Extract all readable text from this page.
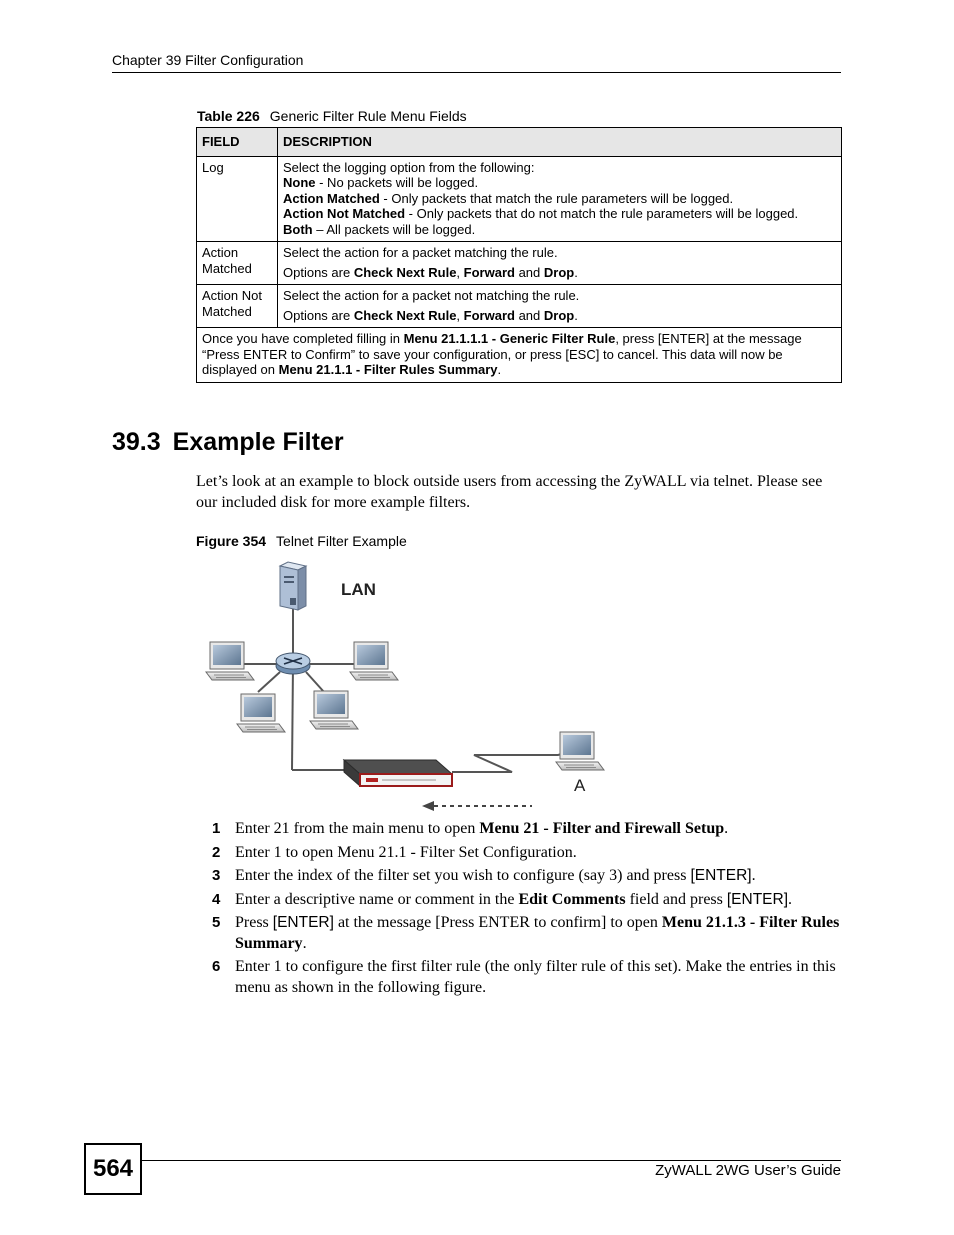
Chapter 39 Filter Configuration
Table 226 Generic Filter Rule Menu Fields
FIELD	DESCRIPTION
Log	Select the logging option from the following:

None - No packets will be logged.

Action Matched - Only packets that match the rule parameters will be logged.

Action Not Matched - Only packets that do not match the rule parameters will be logged.

Both – All packets will be logged.

Action Matched	Select the action for a packet matching the rule.

Options are Check Next Rule, Forward and Drop.

Action Not Matched	Select the action for a packet not matching the rule.

Options are Check Next Rule, Forward and Drop.

Once you have completed filling in Menu 21.1.1.1 - Generic Filter Rule, press [ENTER] at the message “Press ENTER to Confirm” to save your configuration, or press [ESC] to cancel. This data will now be displayed on Menu 21.1.1 - Filter Rules Summary.	
39.3 Example Filter

Let’s look at an example to block outside users from accessing the ZyWALL via telnet. Please see our included disk for more example filters.

Figure 354 Telnet Filter Example
LAN
A
1 Enter 21 from the main menu to open Menu 21 - Filter and Firewall Setup.
2 Enter 1 to open Menu 21.1 - Filter Set Configuration.
3 Enter the index of the filter set you wish to configure (say 3) and press [ENTER].
4 Enter a descriptive name or comment in the Edit Comments field and press [ENTER].
5 Press [ENTER] at the message [Press ENTER to confirm] to open Menu 21.1.3 - Filter Rules Summary.
6 Enter 1 to configure the first filter rule (the only filter rule of this set). Make the entries in this menu as shown in the following figure.
564	ZyWALL 2WG User’s Guide
